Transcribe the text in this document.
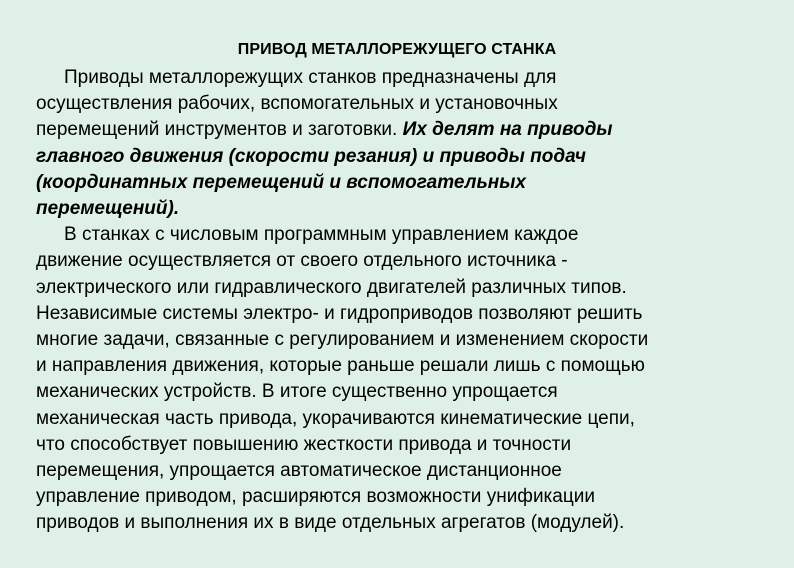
ПРИВОД МЕТАЛЛОРЕЖУЩЕГО СТАНКА
Приводы металлорежущих станков предназначены для
осуществления рабочих, вспомогательных и установочных
перемещений инструментов и заготовки. Их делят на приводы
главного движения (скорости резания) и приводы подач
(координатных перемещений и вспомогательных
перемещений).
В станках с числовым программным управлением каждое
движение осуществляется от своего отдельного источника -
электрического или гидравлического двигателей различных типов.
Независимые системы электро- и гидроприводов позволяют решить
многие задачи, связанные с регулированием и изменением скорости
и направления движения, которые раньше решали лишь с помощью
механических устройств. В итоге существенно упрощается
механическая часть привода, укорачиваются кинематические цепи,
что способствует повышению жесткости привода и точности
перемещения, упрощается автоматическое дистанционное
управление приводом, расширяются возможности унификации
приводов и выполнения их в виде отдельных агрегатов (модулей).
